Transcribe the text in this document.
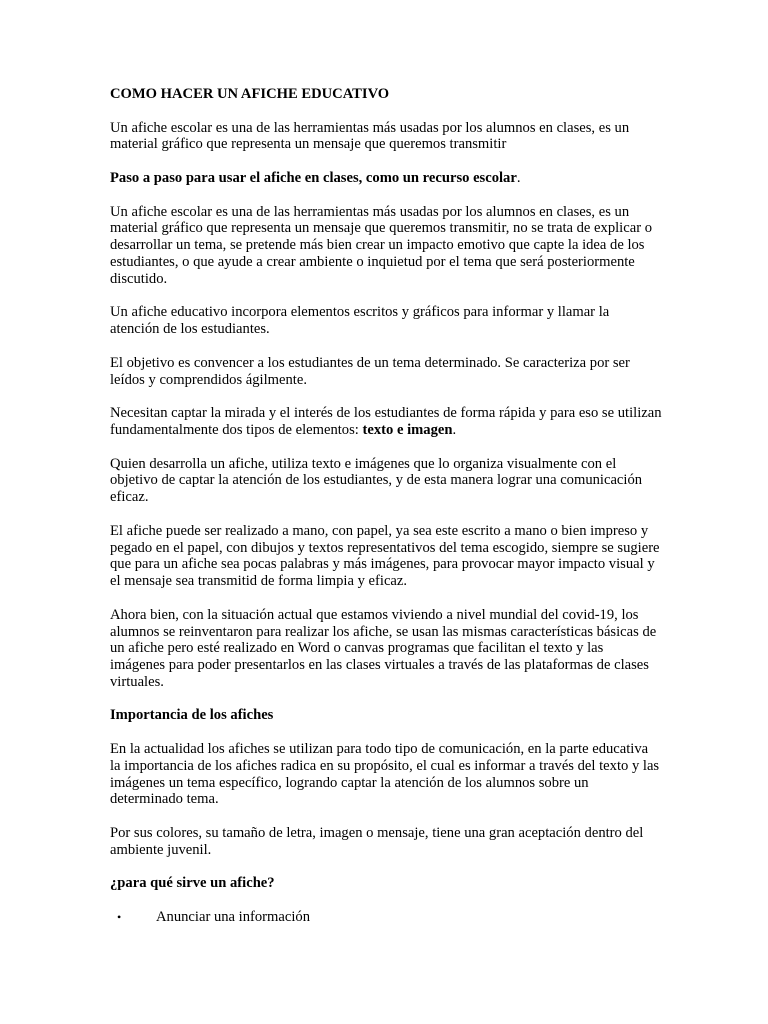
COMO HACER UN AFICHE EDUCATIVO

Un afiche escolar es una de las herramientas más usadas por los alumnos en clases, es un material gráfico que representa un mensaje que queremos transmitir

Paso a paso para usar el afiche en clases, como un recurso escolar.

Un afiche escolar es una de las herramientas más usadas por los alumnos en clases, es un material gráfico que representa un mensaje que queremos transmitir, no se trata de explicar o desarrollar un tema, se pretende más bien crear un impacto emotivo que capte la idea de los estudiantes, o que ayude a crear ambiente o inquietud por el tema que será posteriormente discutido.

Un afiche educativo incorpora elementos escritos y gráficos para informar y llamar la atención de los estudiantes.

El objetivo es convencer a los estudiantes de un tema determinado. Se caracteriza por ser leídos y comprendidos ágilmente.

Necesitan captar la mirada y el interés de los estudiantes de forma rápida y para eso se utilizan fundamentalmente dos tipos de elementos: texto e imagen.

Quien desarrolla un afiche, utiliza texto e imágenes que lo organiza visualmente con el objetivo de captar la atención de los estudiantes, y de esta manera lograr una comunicación eficaz.

El afiche puede ser realizado a mano, con papel, ya sea este escrito a mano o bien impreso y pegado en el papel, con dibujos y textos representativos del tema escogido, siempre se sugiere que para un afiche sea pocas palabras y más imágenes, para provocar mayor impacto visual y el mensaje sea transmitid de forma limpia y eficaz.

Ahora bien, con la situación actual que estamos viviendo a nivel mundial del covid-19, los alumnos se reinventaron para realizar los afiche, se usan las mismas características básicas de un afiche pero esté realizado en Word o canvas programas que facilitan el texto y las imágenes para poder presentarlos en las clases virtuales a través de las plataformas de clases virtuales.

Importancia de los afiches

En la actualidad los afiches se utilizan para todo tipo de comunicación, en la parte educativa la importancia de los afiches radica en su propósito, el cual es informar a través del texto y las imágenes un tema específico, logrando captar la atención de los alumnos sobre un determinado tema.

Por sus colores, su tamaño de letra, imagen o mensaje, tiene una gran aceptación dentro del ambiente juvenil.

¿para qué sirve un afiche?

• Anunciar una información
